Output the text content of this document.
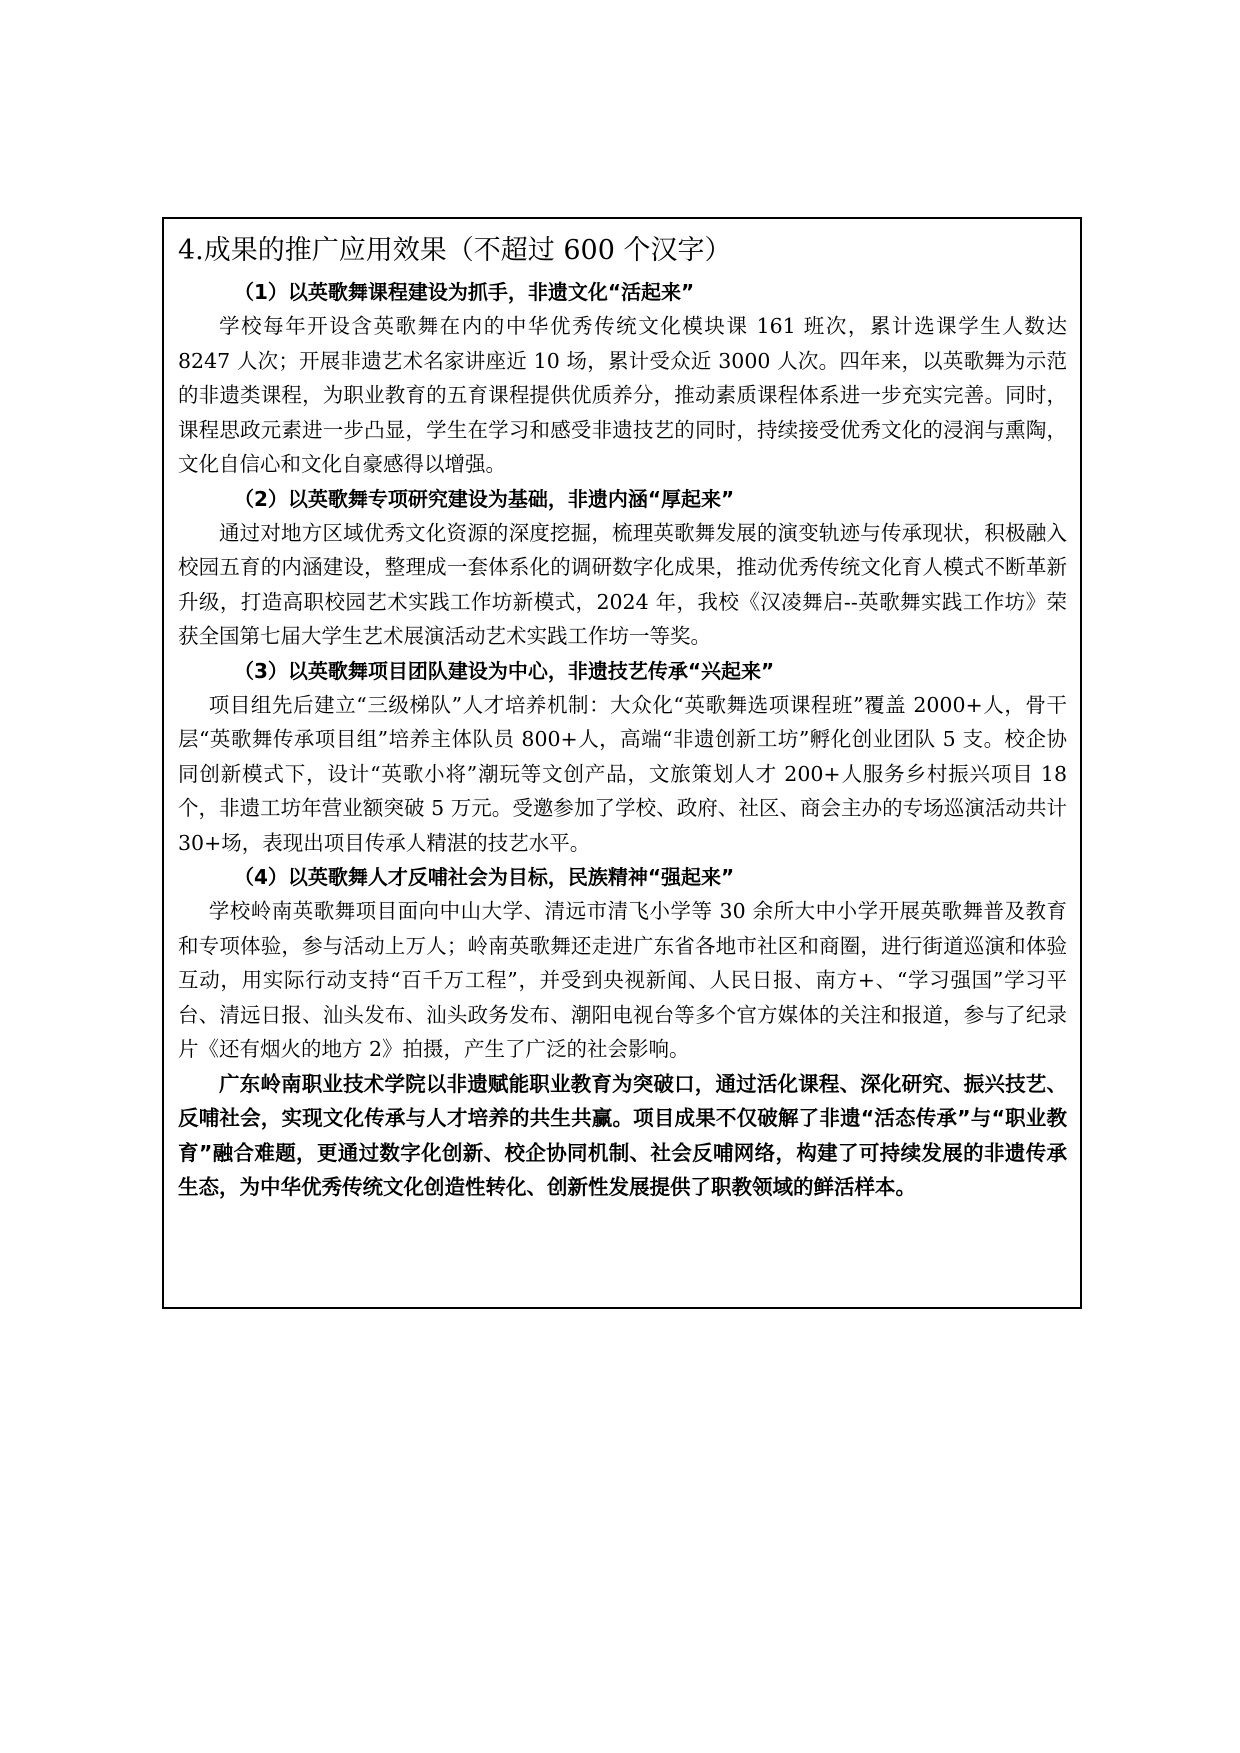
4.成果的推广应用效果（不超过 600 个汉字）
（1）以英歌舞课程建设为抓手，非遗文化“活起来”

学校每年开设含英歌舞在内的中华优秀传统文化模块课 161 班次，累计选课学生人数达 8247 人次；开展非遗艺术名家讲座近 10 场，累计受众近 3000 人次。四年来，以英歌舞为示范的非遗类课程，为职业教育的五育课程提供优质养分，推动素质课程体系进一步充实完善。同时，课程思政元素进一步凸显，学生在学习和感受非遗技艺的同时，持续接受优秀文化的浸润与熏陶，文化自信心和文化自豪感得以增强。

（2）以英歌舞专项研究建设为基础，非遗内涵“厚起来”

通过对地方区域优秀文化资源的深度挖掘，梳理英歌舞发展的演变轨迹与传承现状，积极融入校园五育的内涵建设，整理成一套体系化的调研数字化成果，推动优秀传统文化育人模式不断革新升级，打造高职校园艺术实践工作坊新模式，2024 年，我校《汉凌舞启--英歌舞实践工作坊》荣获全国第七届大学生艺术展演活动艺术实践工作坊一等奖。

（3）以英歌舞项目团队建设为中心，非遗技艺传承“兴起来”

项目组先后建立“三级梯队”人才培养机制：大众化“英歌舞选项课程班”覆盖 2000+人，骨干层“英歌舞传承项目组”培养主体队员 800+人，高端“非遗创新工坊”孵化创业团队 5 支。校企协同创新模式下，设计“英歌小将”潮玩等文创产品，文旅策划人才 200+人服务乡村振兴项目 18 个，非遗工坊年营业额突破 5 万元。受邀参加了学校、政府、社区、商会主办的专场巡演活动共计 30+场，表现出项目传承人精湛的技艺水平。

（4）以英歌舞人才反哺社会为目标，民族精神“强起来”

学校岭南英歌舞项目面向中山大学、清远市清飞小学等 30 余所大中小学开展英歌舞普及教育和专项体验，参与活动上万人；岭南英歌舞还走进广东省各地市社区和商圈，进行街道巡演和体验互动，用实际行动支持“百千万工程”，并受到央视新闻、人民日报、南方+、“学习强国”学习平台、清远日报、汕头发布、汕头政务发布、潮阳电视台等多个官方媒体的关注和报道，参与了纪录片《还有烟火的地方 2》拍摄，产生了广泛的社会影响。

广东岭南职业技术学院以非遗赋能职业教育为突破口，通过活化课程、深化研究、振兴技艺、反哺社会，实现文化传承与人才培养的共生共赢。项目成果不仅破解了非遗“活态传承”与“职业教育”融合难题，更通过数字化创新、校企协同机制、社会反哺网络，构建了可持续发展的非遗传承生态，为中华优秀传统文化创造性转化、创新性发展提供了职教领域的鲜活样本。
